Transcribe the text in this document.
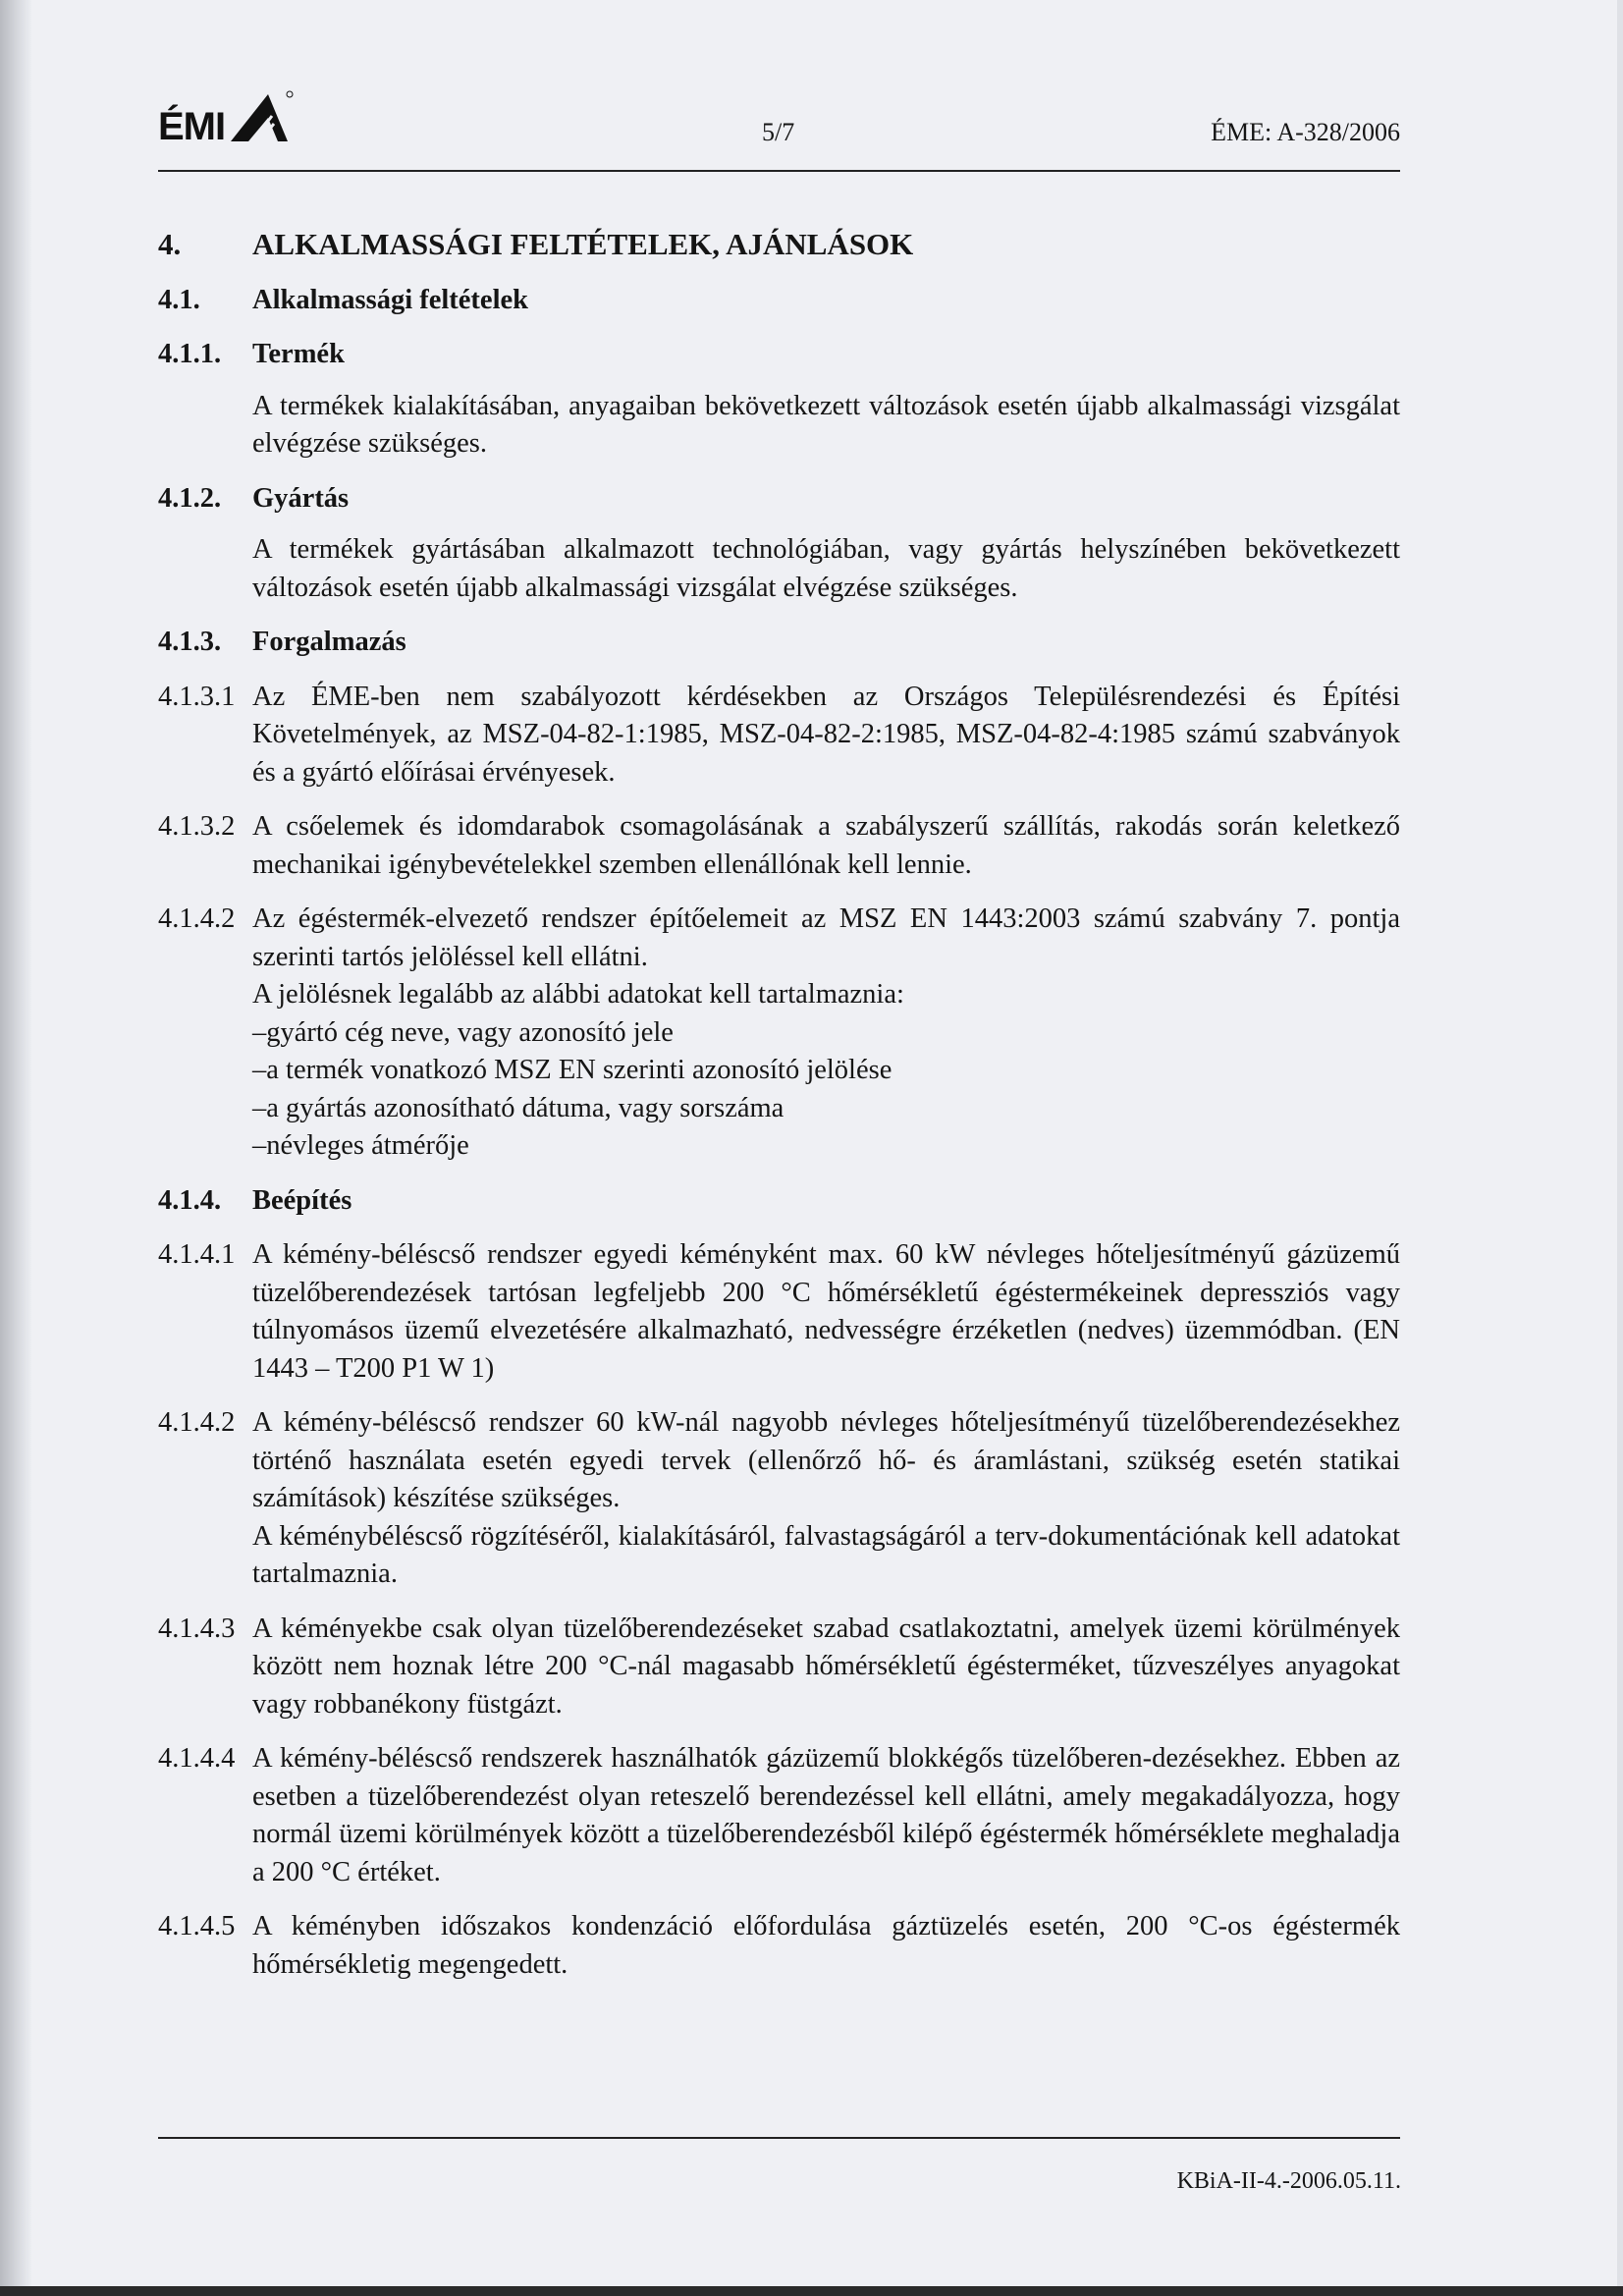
ÉMI	5/7	ÉME: A-328/2006
4. ALKALMASSÁGI FELTÉTELEK, AJÁNLÁSOK
4.1. Alkalmassági feltételek
4.1.1. Termék

A termékek kialakításában, anyagaiban bekövetkezett változások esetén újabb alkalmassági vizsgálat elvégzése szükséges.

4.1.2. Gyártás

A termékek gyártásában alkalmazott technológiában, vagy gyártás helyszínében bekövetkezett változások esetén újabb alkalmassági vizsgálat elvégzése szükséges.

4.1.3. Forgalmazás
4.1.3.1 Az ÉME-ben nem szabályozott kérdésekben az Országos Településrendezési és Építési Követelmények, az MSZ-04-82-1:1985, MSZ-04-82-2:1985, MSZ-04-82-4:1985 számú szabványok és a gyártó előírásai érvényesek.

4.1.3.2 A csőelemek és idomdarabok csomagolásának a szabályszerű szállítás, rakodás során keletkező mechanikai igénybevételekkel szemben ellenállónak kell lennie.

4.1.4.2 Az égéstermék-elvezető rendszer építőelemeit az MSZ EN 1443:2003 számú szabvány 7. pontja szerinti tartós jelöléssel kell ellátni.

A jelölésnek legalább az alábbi adatokat kell tartalmaznia:

–gyártó cég neve, vagy azonosító jele

–a termék vonatkozó MSZ EN szerinti azonosító jelölése

–a gyártás azonosítható dátuma, vagy sorszáma

–névleges átmérője

4.1.4. Beépítés
4.1.4.1 A kémény-béléscső rendszer egyedi kéményként max. 60 kW névleges hőteljesítményű gázüzemű tüzelőberendezések tartósan legfeljebb 200 °C hőmérsékletű égéstermékeinek depressziós vagy túlnyomásos üzemű elvezetésére alkalmazható, nedvességre érzéketlen (nedves) üzemmódban. (EN 1443 – T200 P1 W 1)

4.1.4.2 A kémény-béléscső rendszer 60 kW-nál nagyobb névleges hőteljesítményű tüzelőberendezésekhez történő használata esetén egyedi tervek (ellenőrző hő- és áramlástani, szükség esetén statikai számítások) készítése szükséges.

A kéménybéléscső rögzítéséről, kialakításáról, falvastagságáról a terv-dokumentációnak kell adatokat tartalmaznia.

4.1.4.3 A kéményekbe csak olyan tüzelőberendezéseket szabad csatlakoztatni, amelyek üzemi körülmények között nem hoznak létre 200 °C-nál magasabb hőmérsékletű égésterméket, tűzveszélyes anyagokat vagy robbanékony füstgázt.

4.1.4.4 A kémény-béléscső rendszerek használhatók gázüzemű blokkégős tüzelőberen-dezésekhez. Ebben az esetben a tüzelőberendezést olyan reteszelő berendezéssel kell ellátni, amely megakadályozza, hogy normál üzemi körülmények között a tüzelőberendezésből kilépő égéstermék hőmérséklete meghaladja a 200 °C értéket.

4.1.4.5 A kéményben időszakos kondenzáció előfordulása gáztüzelés esetén, 200 °C-os égéstermék hőmérsékletig megengedett.

KBiA-II-4.-2006.05.11.
